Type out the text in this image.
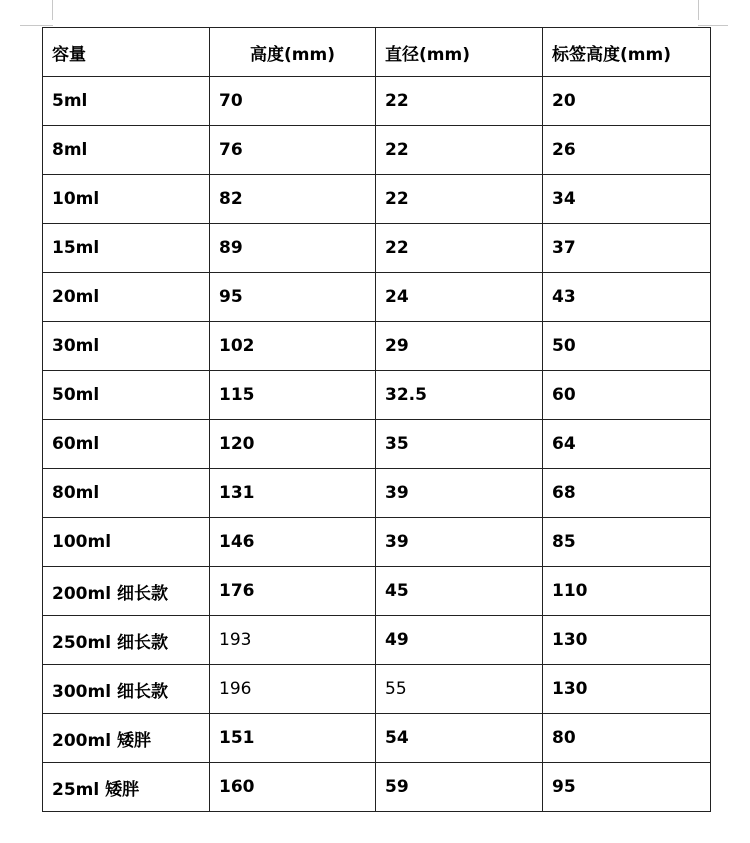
容量	高度(mm)	直径(mm)	标签高度(mm)
5ml	70	22	20
8ml	76	22	26
10ml	82	22	34
15ml	89	22	37
20ml	95	24	43
30ml	102	29	50
50ml	115	32.5	60
60ml	120	35	64
80ml	131	39	68
100ml	146	39	85
200ml 细长款	176	45	110
250ml 细长款	193	49	130
300ml 细长款	196	55	130
200ml 矮胖	151	54	80
25ml 矮胖	160	59	95
